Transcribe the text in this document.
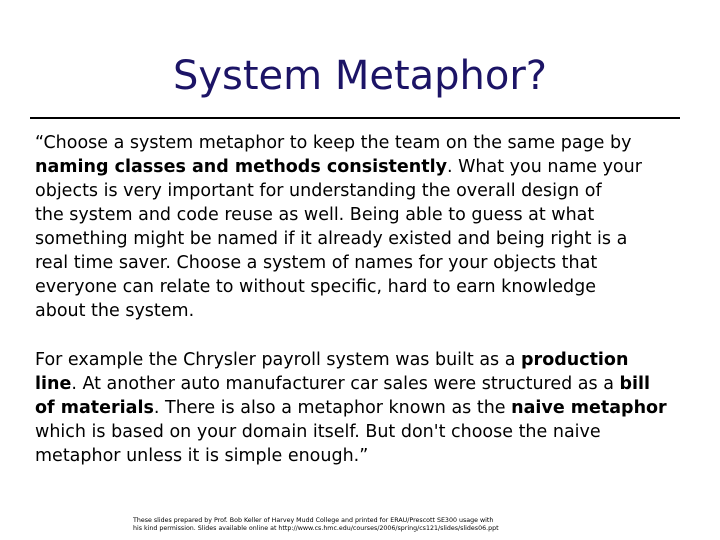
System Metaphor?
“Choose a system metaphor to keep the team on the same page by
naming classes and methods consistently. What you name your
objects is very important for understanding the overall design of
the system and code reuse as well. Being able to guess at what
something might be named if it already existed and being right is a
real time saver. Choose a system of names for your objects that
everyone can relate to without specific, hard to earn knowledge
about the system.
For example the Chrysler payroll system was built as a production
line. At another auto manufacturer car sales were structured as a bill
of materials. There is also a metaphor known as the naive metaphor
which is based on your domain itself. But don't choose the naive
metaphor unless it is simple enough.”
These slides prepared by Prof. Bob Keller of Harvey Mudd College and printed for ERAU/Prescott SE300 usage with
his kind permission. Slides available online at http://www.cs.hmc.edu/courses/2006/spring/cs121/slides/slides06.ppt
